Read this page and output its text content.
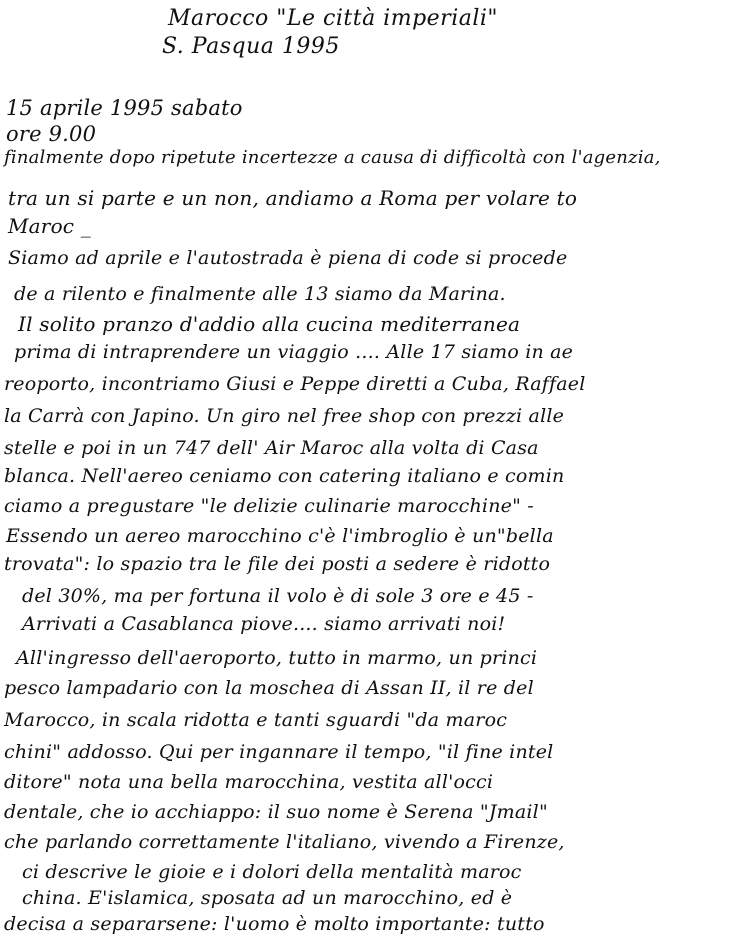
Marocco "Le città imperiali"
S. Pasqua 1995
15 aprile 1995 sabato
ore 9.00
finalmente dopo ripetute incertezze a causa di difficoltà con l'agenzia,
tra un si parte e un non, andiamo a Roma per volare to
Maroc _
Siamo ad aprile e l'autostrada è piena di code si procede
de a rilento e finalmente alle 13 siamo da Marina.
Il solito pranzo d'addio alla cucina mediterranea
prima di intraprendere un viaggio .... Alle 17 siamo in ae
reoporto, incontriamo Giusi e Peppe diretti a Cuba, Raffael
la Carrà con Japino. Un giro nel free shop con prezzi alle
stelle e poi in un 747 dell' Air Maroc alla volta di Casa
blanca. Nell'aereo ceniamo con catering italiano e comin
ciamo a pregustare "le delizie culinarie marocchine" -
Essendo un aereo marocchino c'è l'imbroglio è un"bella
trovata": lo spazio tra le file dei posti a sedere è ridotto
del 30%, ma per fortuna il volo è di sole 3 ore e 45 -
Arrivati a Casablanca piove.... siamo arrivati noi!
All'ingresso dell'aeroporto, tutto in marmo, un princi
pesco lampadario con la moschea di Assan II, il re del
Marocco, in scala ridotta e tanti sguardi "da maroc
chini" addosso. Qui per ingannare il tempo, "il fine intel
ditore" nota una bella marocchina, vestita all'occi
dentale, che io acchiappo: il suo nome è Serena "Jmail"
che parlando correttamente l'italiano, vivendo a Firenze,
ci descrive le gioie e i dolori della mentalità maroc
china. E'islamica, sposata ad un marocchino, ed è
decisa a separarsene: l'uomo è molto importante: tutto
